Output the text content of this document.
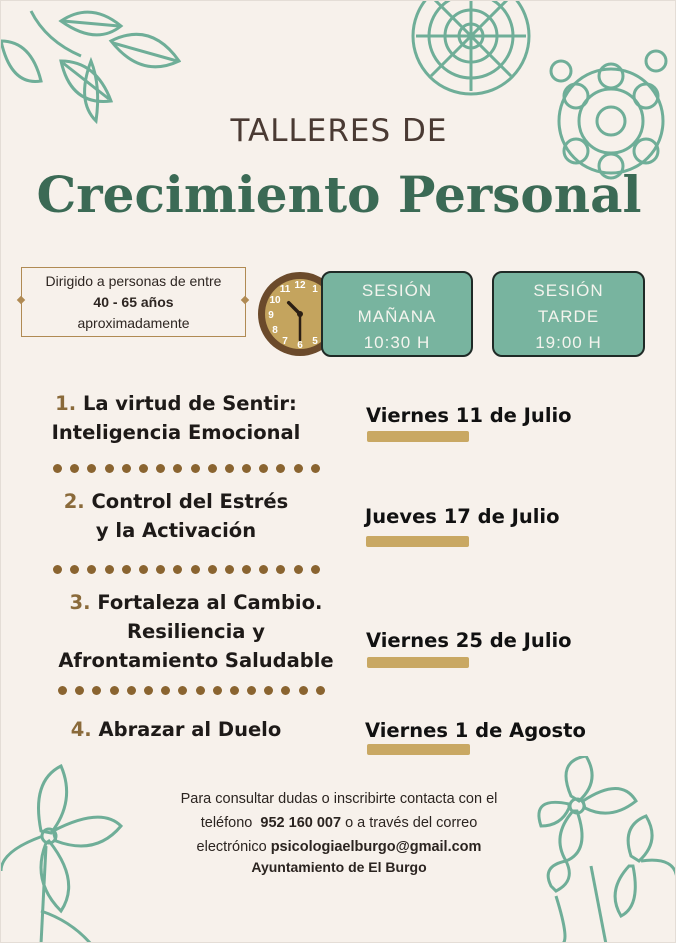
TALLERES DE
Crecimiento Personal
Dirigido a personas de entre
40 - 65 años
aproximadamente
12 1
5
6
7
8
9
10
11	SESIÓN
MAÑANA
10:30 H
SESIÓN
TARDE
19:00 H
1. La virtud de Sentir:
Inteligencia Emocional
Viernes 11 de Julio
2. Control del Estrés
y la Activación
Jueves 17 de Julio
3. Fortaleza al Cambio.
Resiliencia y
Afrontamiento Saludable
Viernes 25 de Julio
4. Abrazar al Duelo	Viernes 1 de Agosto
Para consultar dudas o inscribirte contacta con el
teléfono 952 160 007 o a través del correo
electrónico psicologiaelburgo@gmail.com
Ayuntamiento de El Burgo
